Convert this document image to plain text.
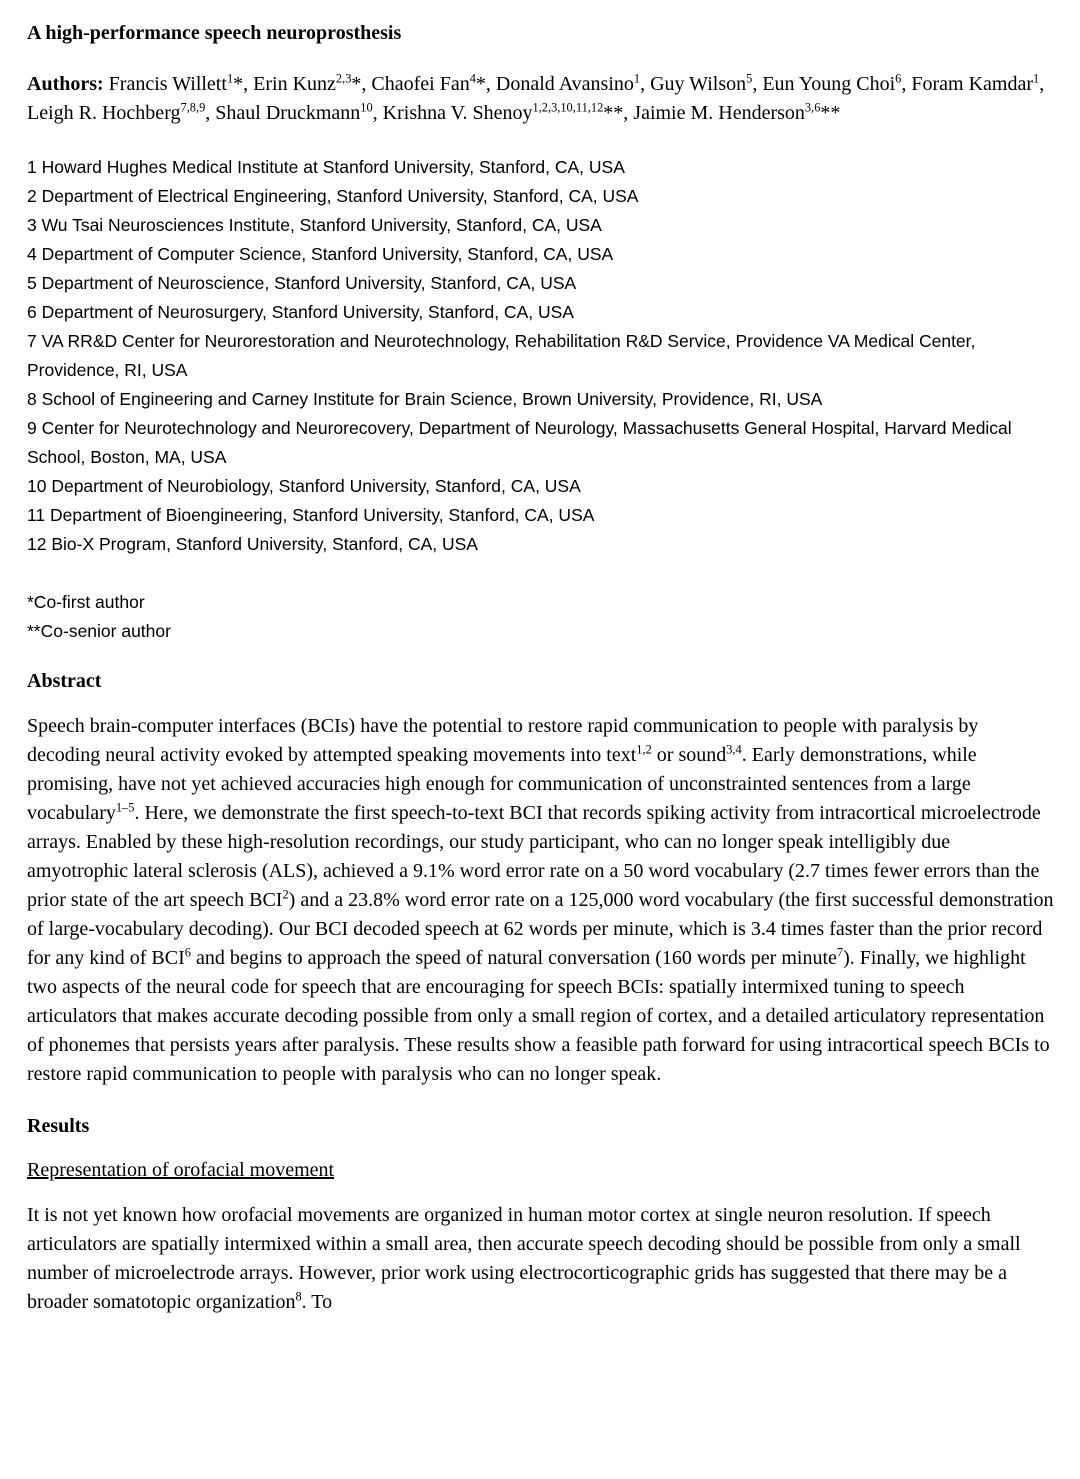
A high-performance speech neuroprosthesis

Authors: Francis Willett$^1$*, Erin Kunz$^{2,3}$*, Chaofei Fan$^4$*, Donald Avansino$^1$, Guy Wilson$^5$, Eun Young Choi$^6$, Foram Kamdar$^1$, Leigh R. Hochberg$^{7,8,9}$, Shaul Druckmann$^{10}$, Krishna V. Shenoy$^{1,2,3,10,11,12}$**, Jaimie M. Henderson$^{3,6}$**

1 Howard Hughes Medical Institute at Stanford University, Stanford, CA, USA

2 Department of Electrical Engineering, Stanford University, Stanford, CA, USA

3 Wu Tsai Neurosciences Institute, Stanford University, Stanford, CA, USA

4 Department of Computer Science, Stanford University, Stanford, CA, USA

5 Department of Neuroscience, Stanford University, Stanford, CA, USA

6 Department of Neurosurgery, Stanford University, Stanford, CA, USA

7 VA RR&D Center for Neurorestoration and Neurotechnology, Rehabilitation R&D Service, Providence VA Medical Center, Providence, RI, USA

8 School of Engineering and Carney Institute for Brain Science, Brown University, Providence, RI, USA

9 Center for Neurotechnology and Neurorecovery, Department of Neurology, Massachusetts General Hospital, Harvard Medical School, Boston, MA, USA

10 Department of Neurobiology, Stanford University, Stanford, CA, USA

11 Department of Bioengineering, Stanford University, Stanford, CA, USA

12 Bio-X Program, Stanford University, Stanford, CA, USA

*Co-first author

**Co-senior author

Abstract

Speech brain-computer interfaces (BCIs) have the potential to restore rapid communication to people with paralysis by decoding neural activity evoked by attempted speaking movements into text$^{1,2}$ or sound$^{3,4}$. Early demonstrations, while promising, have not yet achieved accuracies high enough for communication of unconstrainted sentences from a large vocabulary$^{1-5}$. Here, we demonstrate the first speech-to-text BCI that records spiking activity from intracortical microelectrode arrays. Enabled by these high-resolution recordings, our study participant, who can no longer speak intelligibly due amyotrophic lateral sclerosis (ALS), achieved a 9.1% word error rate on a 50 word vocabulary (2.7 times fewer errors than the prior state of the art speech BCI$^2$) and a 23.8% word error rate on a 125,000 word vocabulary (the first successful demonstration of large-vocabulary decoding). Our BCI decoded speech at 62 words per minute, which is 3.4 times faster than the prior record for any kind of BCI$^6$ and begins to approach the speed of natural conversation (160 words per minute$^7$). Finally, we highlight two aspects of the neural code for speech that are encouraging for speech BCIs: spatially intermixed tuning to speech articulators that makes accurate decoding possible from only a small region of cortex, and a detailed articulatory representation of phonemes that persists years after paralysis. These results show a feasible path forward for using intracortical speech BCIs to restore rapid communication to people with paralysis who can no longer speak.

Results

Representation of orofacial movement

It is not yet known how orofacial movements are organized in human motor cortex at single neuron resolution. If speech articulators are spatially intermixed within a small area, then accurate speech decoding should be possible from only a small number of microelectrode arrays. However, prior work using electrocorticographic grids has suggested that there may be a broader somatotopic organization$^8$. To
